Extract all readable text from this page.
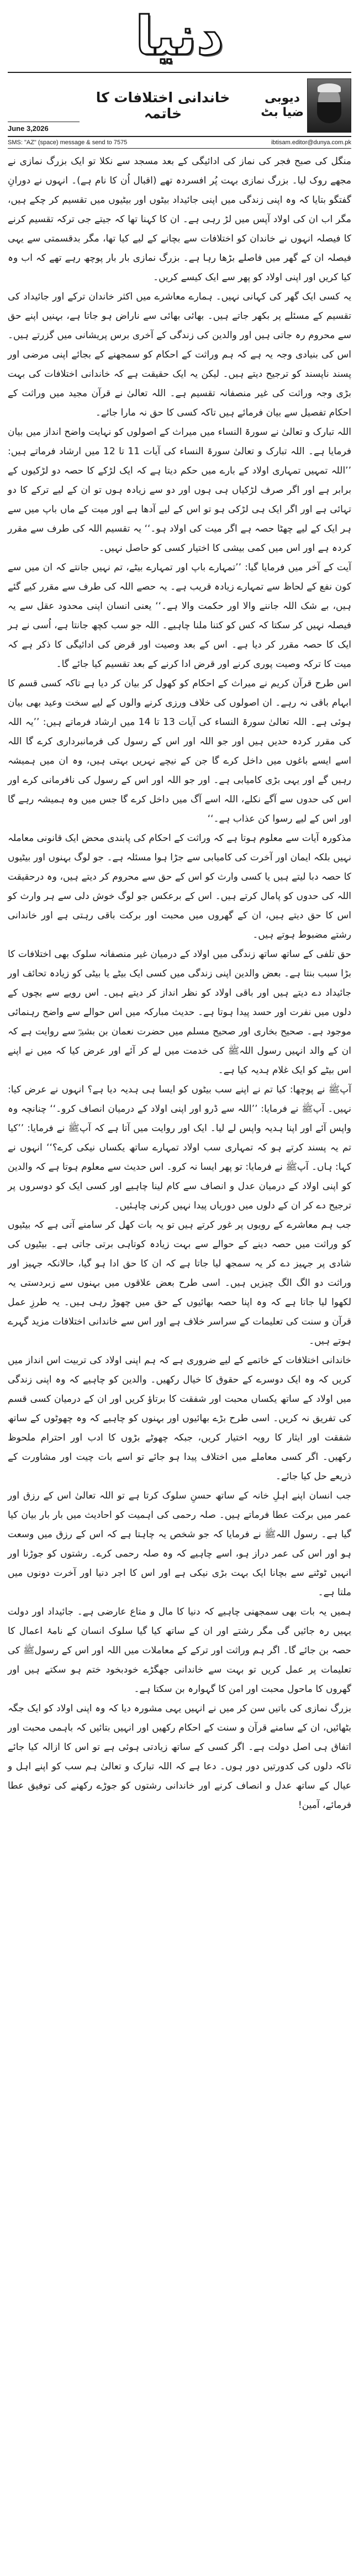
دنیا
June 3,2026
خاندانی اختلافات کا خاتمہ
دیوبی
ضیا بٹ
SMS: "AZ" (space) message & send to 7575	ibtisam.editor@dunya.com.pk

منگل کی صبح فجر کی نماز کی ادائیگی کے بعد مسجد سے نکلا تو ایک بزرگ نمازی نے مجھے روک لیا۔ بزرگ نمازی بہت پُر افسردہ تھے (اقبال اُن کا نام ہے)۔ انہوں نے دورانِ گفتگو بتایا کہ وہ اپنی زندگی میں اپنی جائیداد بیٹوں اور بیٹیوں میں تقسیم کر چکے ہیں، مگر اب ان کی اولاد آپس میں لڑ رہی ہے۔ ان کا کہنا تھا کہ جیتے جی ترکہ تقسیم کرنے کا فیصلہ انہوں نے خاندان کو اختلافات سے بچانے کے لیے کیا تھا، مگر بدقسمتی سے یہی فیصلہ ان کے گھر میں فاصلے بڑھا رہا ہے۔ بزرگ نمازی بار بار پوچھ رہے تھے کہ اب وہ کیا کریں اور اپنی اولاد کو پھر سے ایک کیسے کریں۔

یہ کسی ایک گھر کی کہانی نہیں۔ ہمارے معاشرے میں اکثر خاندان ترکے اور جائیداد کی تقسیم کے مسئلے پر بکھر جاتے ہیں۔ بھائی بھائی سے ناراض ہو جاتا ہے، بہنیں اپنے حق سے محروم رہ جاتی ہیں اور والدین کی زندگی کے آخری برس پریشانی میں گزرتے ہیں۔ اس کی بنیادی وجہ یہ ہے کہ ہم وراثت کے احکام کو سمجھنے کے بجائے اپنی مرضی اور پسند ناپسند کو ترجیح دیتے ہیں۔ لیکن یہ ایک حقیقت ہے کہ خاندانی اختلافات کی بہت بڑی وجہ وراثت کی غیر منصفانہ تقسیم ہے۔ اللہ تعالیٰ نے قرآن مجید میں وراثت کے احکام تفصیل سے بیان فرمائے ہیں تاکہ کسی کا حق نہ مارا جائے۔

اللہ تبارک و تعالیٰ نے سورۃ النساء میں میراث کے اصولوں کو نہایت واضح انداز میں بیان فرمایا ہے۔ اللہ تبارک و تعالیٰ سورۃ النساء کی آیات 11 تا 12 میں ارشاد فرماتے ہیں: ’’اللہ تمہیں تمہاری اولاد کے بارے میں حکم دیتا ہے کہ ایک لڑکے کا حصہ دو لڑکیوں کے برابر ہے اور اگر صرف لڑکیاں ہی ہوں اور دو سے زیادہ ہوں تو ان کے لیے ترکے کا دو تہائی ہے اور اگر ایک ہی لڑکی ہو تو اس کے لیے آدھا ہے اور میت کے ماں باپ میں سے ہر ایک کے لیے چھٹا حصہ ہے اگر میت کی اولاد ہو۔‘‘ یہ تقسیم اللہ کی طرف سے مقرر کردہ ہے اور اس میں کمی بیشی کا اختیار کسی کو حاصل نہیں۔

آیت کے آخر میں فرمایا گیا: ’’تمہارے باپ اور تمہارے بیٹے، تم نہیں جانتے کہ ان میں سے کون نفع کے لحاظ سے تمہارے زیادہ قریب ہے۔ یہ حصے اللہ کی طرف سے مقرر کیے گئے ہیں، بے شک اللہ جاننے والا اور حکمت والا ہے۔‘‘ یعنی انسان اپنی محدود عقل سے یہ فیصلہ نہیں کر سکتا کہ کس کو کتنا ملنا چاہیے۔ اللہ جو سب کچھ جانتا ہے، اُسی نے ہر ایک کا حصہ مقرر کر دیا ہے۔ اس کے بعد وصیت اور قرض کی ادائیگی کا ذکر ہے کہ میت کا ترکہ وصیت پوری کرنے اور قرض ادا کرنے کے بعد تقسیم کیا جائے گا۔

اس طرح قرآن کریم نے میراث کے احکام کو کھول کر بیان کر دیا ہے تاکہ کسی قسم کا ابہام باقی نہ رہے۔ ان اصولوں کی خلاف ورزی کرنے والوں کے لیے سخت وعید بھی بیان ہوئی ہے۔ اللہ تعالیٰ سورۃ النساء کی آیات 13 تا 14 میں ارشاد فرماتے ہیں: ’’یہ اللہ کی مقرر کردہ حدیں ہیں اور جو اللہ اور اس کے رسول کی فرمانبرداری کرے گا اللہ اسے ایسے باغوں میں داخل کرے گا جن کے نیچے نہریں بہتی ہیں، وہ ان میں ہمیشہ رہیں گے اور یہی بڑی کامیابی ہے۔ اور جو اللہ اور اس کے رسول کی نافرمانی کرے اور اس کی حدوں سے آگے نکلے، اللہ اسے آگ میں داخل کرے گا جس میں وہ ہمیشہ رہے گا اور اس کے لیے رسوا کن عذاب ہے۔‘‘

مذکورہ آیات سے معلوم ہوتا ہے کہ وراثت کے احکام کی پابندی محض ایک قانونی معاملہ نہیں بلکہ ایمان اور آخرت کی کامیابی سے جڑا ہوا مسئلہ ہے۔ جو لوگ بہنوں اور بیٹیوں کا حصہ دبا لیتے ہیں یا کسی وارث کو اس کے حق سے محروم کر دیتے ہیں، وہ درحقیقت اللہ کی حدوں کو پامال کرتے ہیں۔ اس کے برعکس جو لوگ خوش دلی سے ہر وارث کو اس کا حق دیتے ہیں، ان کے گھروں میں محبت اور برکت باقی رہتی ہے اور خاندانی رشتے مضبوط ہوتے ہیں۔

حق تلفی کے ساتھ ساتھ زندگی میں اولاد کے درمیان غیر منصفانہ سلوک بھی اختلافات کا بڑا سبب بنتا ہے۔ بعض والدین اپنی زندگی میں کسی ایک بیٹے یا بیٹی کو زیادہ تحائف اور جائیداد دے دیتے ہیں اور باقی اولاد کو نظر انداز کر دیتے ہیں۔ اس رویے سے بچوں کے دلوں میں نفرت اور حسد پیدا ہوتا ہے۔ حدیث مبارکہ میں اس حوالے سے واضح رہنمائی موجود ہے۔ صحیح بخاری اور صحیح مسلم میں حضرت نعمان بن بشیرؓ سے روایت ہے کہ ان کے والد انہیں رسول اللہﷺ کی خدمت میں لے کر آئے اور عرض کیا کہ میں نے اپنے اس بیٹے کو ایک غلام ہدیہ کیا ہے۔

آپﷺ نے پوچھا: کیا تم نے اپنے سب بیٹوں کو ایسا ہی ہدیہ دیا ہے؟ انہوں نے عرض کیا: نہیں۔ آپﷺ نے فرمایا: ’’اللہ سے ڈرو اور اپنی اولاد کے درمیان انصاف کرو۔‘‘ چنانچہ وہ واپس آئے اور اپنا ہدیہ واپس لے لیا۔ ایک اور روایت میں آتا ہے کہ آپﷺ نے فرمایا: ’’کیا تم یہ پسند کرتے ہو کہ تمہاری سب اولاد تمہارے ساتھ یکساں نیکی کرے؟‘‘ انہوں نے کہا: ہاں۔ آپﷺ نے فرمایا: تو پھر ایسا نہ کرو۔ اس حدیث سے معلوم ہوتا ہے کہ والدین کو اپنی اولاد کے درمیان عدل و انصاف سے کام لینا چاہیے اور کسی ایک کو دوسروں پر ترجیح دے کر ان کے دلوں میں دوریاں پیدا نہیں کرنی چاہئیں۔

جب ہم معاشرے کے رویوں پر غور کرتے ہیں تو یہ بات کھل کر سامنے آتی ہے کہ بیٹیوں کو وراثت میں حصہ دینے کے حوالے سے بہت زیادہ کوتاہی برتی جاتی ہے۔ بیٹیوں کی شادی پر جہیز دے کر یہ سمجھ لیا جاتا ہے کہ ان کا حق ادا ہو گیا، حالانکہ جہیز اور وراثت دو الگ الگ چیزیں ہیں۔ اسی طرح بعض علاقوں میں بہنوں سے زبردستی یہ لکھوا لیا جاتا ہے کہ وہ اپنا حصہ بھائیوں کے حق میں چھوڑ رہی ہیں۔ یہ طرزِ عمل قرآن و سنت کی تعلیمات کے سراسر خلاف ہے اور اس سے خاندانی اختلافات مزید گہرے ہوتے ہیں۔

خاندانی اختلافات کے خاتمے کے لیے ضروری ہے کہ ہم اپنی اولاد کی تربیت اس انداز میں کریں کہ وہ ایک دوسرے کے حقوق کا خیال رکھیں۔ والدین کو چاہیے کہ وہ اپنی زندگی میں اولاد کے ساتھ یکساں محبت اور شفقت کا برتاؤ کریں اور ان کے درمیان کسی قسم کی تفریق نہ کریں۔ اسی طرح بڑے بھائیوں اور بہنوں کو چاہیے کہ وہ چھوٹوں کے ساتھ شفقت اور ایثار کا رویہ اختیار کریں، جبکہ چھوٹے بڑوں کا ادب اور احترام ملحوظ رکھیں۔ اگر کسی معاملے میں اختلاف پیدا ہو جائے تو اسے بات چیت اور مشاورت کے ذریعے حل کیا جائے۔

جب انسان اپنے اہلِ خانہ کے ساتھ حسنِ سلوک کرتا ہے تو اللہ تعالیٰ اس کے رزق اور عمر میں برکت عطا فرماتے ہیں۔ صلہ رحمی کی اہمیت کو احادیث میں بار بار بیان کیا گیا ہے۔ رسول اللہﷺ نے فرمایا کہ جو شخص یہ چاہتا ہے کہ اس کے رزق میں وسعت ہو اور اس کی عمر دراز ہو، اسے چاہیے کہ وہ صلہ رحمی کرے۔ رشتوں کو جوڑنا اور انہیں ٹوٹنے سے بچانا ایک بہت بڑی نیکی ہے اور اس کا اجر دنیا اور آخرت دونوں میں ملتا ہے۔

ہمیں یہ بات بھی سمجھنی چاہیے کہ دنیا کا مال و متاع عارضی ہے۔ جائیداد اور دولت یہیں رہ جائیں گی مگر رشتے اور ان کے ساتھ کیا گیا سلوک انسان کے نامۂ اعمال کا حصہ بن جائے گا۔ اگر ہم وراثت اور ترکے کے معاملات میں اللہ اور اس کے رسولﷺ کی تعلیمات پر عمل کریں تو بہت سے خاندانی جھگڑے خودبخود ختم ہو سکتے ہیں اور گھروں کا ماحول محبت اور امن کا گہوارہ بن سکتا ہے۔

بزرگ نمازی کی باتیں سن کر میں نے انہیں یہی مشورہ دیا کہ وہ اپنی اولاد کو ایک جگہ بٹھائیں، ان کے سامنے قرآن و سنت کے احکام رکھیں اور انہیں بتائیں کہ باہمی محبت اور اتفاق ہی اصل دولت ہے۔ اگر کسی کے ساتھ زیادتی ہوئی ہے تو اس کا ازالہ کیا جائے تاکہ دلوں کی کدورتیں دور ہوں۔ دعا ہے کہ اللہ تبارک و تعالیٰ ہم سب کو اپنے اہل و عیال کے ساتھ عدل و انصاف کرنے اور خاندانی رشتوں کو جوڑے رکھنے کی توفیق عطا فرمائے، آمین!
